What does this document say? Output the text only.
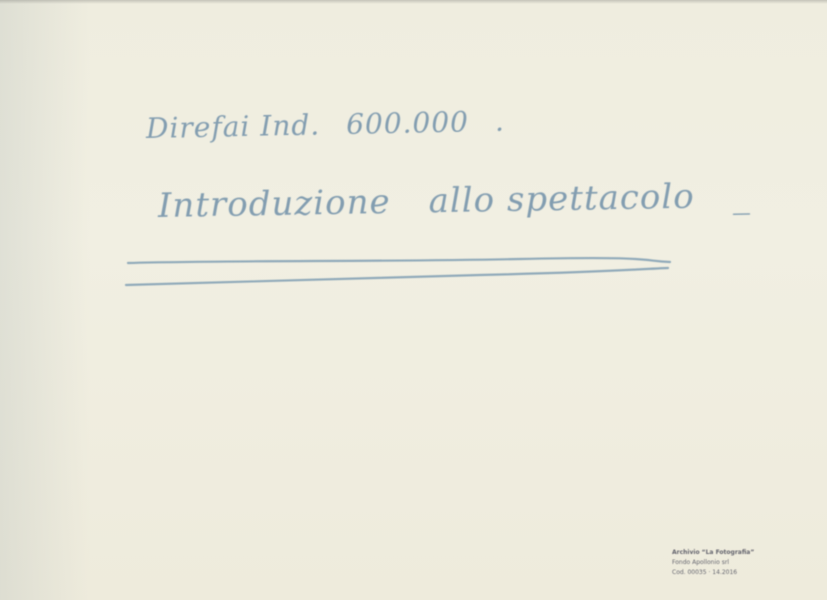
Direfai Ind. 600.000 .
Introduzione allo spettacolo _
Archivio “La Fotografia”
Fondo Apollonio srl
Cod. 00035 · 14.2016
